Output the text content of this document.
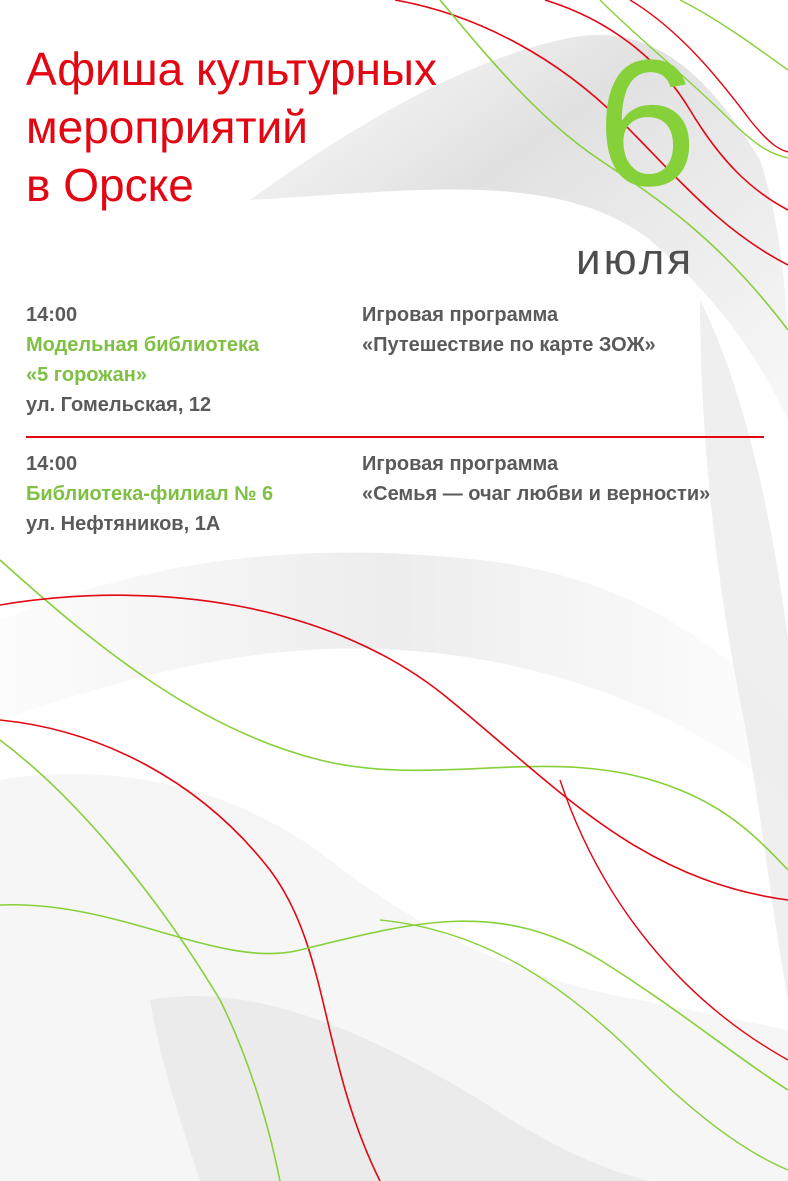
Афиша культурных
мероприятий
в Орске	6
июля
14:00
Модельная библиотека
«5 горожан»
ул. Гомельская, 12
Игровая программа
«Путешествие по карте ЗОЖ»
14:00
Библиотека-филиал № 6
ул. Нефтяников, 1А
Игровая программа
«Семья — очаг любви и верности»
